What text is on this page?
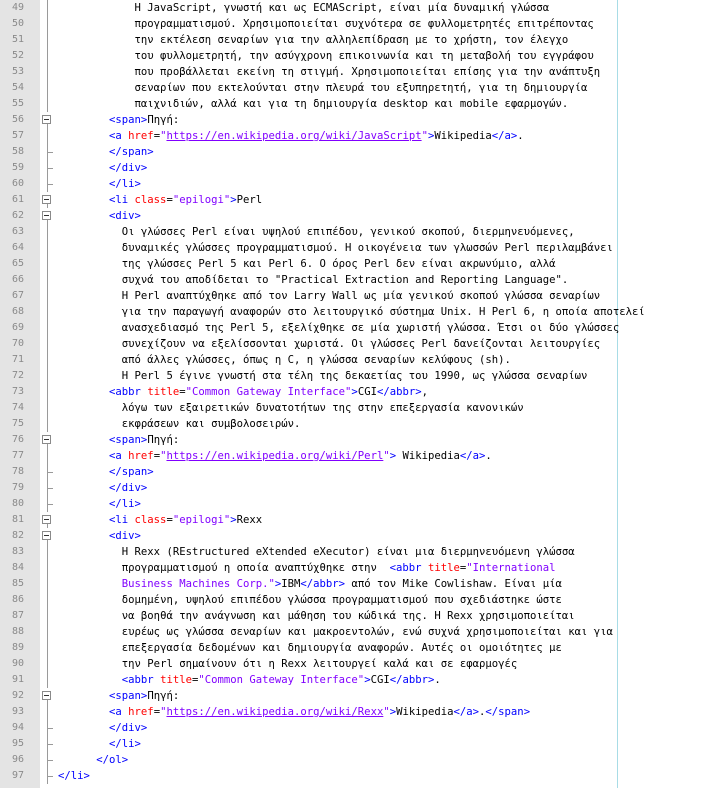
49	Η JavaScript, γνωστή και ως ECMAScript, είναι μία δυναμική γλώσσα
50	προγραμματισμού. Χρησιμοποιείται συχνότερα σε φυλλομετρητές επιτρέποντας
51	την εκτέλεση σεναρίων για την αλληλεπίδραση με το χρήστη, τον έλεγχο
52	του φυλλομετρητή, την ασύγχρονη επικοινωνία και τη μεταβολή του εγγράφου
53	που προβάλλεται εκείνη τη στιγμή. Χρησιμοποιείται επίσης για την ανάπτυξη
54	σεναρίων που εκτελούνται στην πλευρά του εξυπηρετητή, για τη δημιουργία
55	παιχνιδιών, αλλά και για τη δημιουργία desktop και mobile εφαρμογών.
56	<span>Πηγή:
57	<a href="https://en.wikipedia.org/wiki/JavaScript">Wikipedia</a>.
58	</span>
59	</div>
60	</li>
61	<li class="epilogi">Perl
62	<div>
63	Οι γλώσσες Perl είναι υψηλού επιπέδου, γενικού σκοπού, διερμηνευόμενες,
64	δυναμικές γλώσσες προγραμματισμού. Η οικογένεια των γλωσσών Perl περιλαμβάνει
65	της γλώσσες Perl 5 και Perl 6. Ο όρος Perl δεν είναι ακρωνύμιο, αλλά
66	συχνά του αποδίδεται το "Practical Extraction and Reporting Language".
67	Η Perl αναπτύχθηκε από τον Larry Wall ως μία γενικού σκοπού γλώσσα σεναρίων
68	για την παραγωγή αναφορών στο λειτουργικό σύστημα Unix. Η Perl 6, η οποία αποτελεί
69	ανασχεδιασμό της Perl 5, εξελίχθηκε σε μία χωριστή γλώσσα. Έτσι οι δύο γλώσσες
70	συνεχίζουν να εξελίσσονται χωριστά. Οι γλώσσες Perl δανείζονται λειτουργίες
71	από άλλες γλώσσες, όπως η C, η γλώσσα σεναρίων κελύφους (sh).
72	Η Perl 5 έγινε γνωστή στα τέλη της δεκαετίας του 1990, ως γλώσσα σεναρίων
73	<abbr title="Common Gateway Interface">CGI</abbr>,
74	λόγω των εξαιρετικών δυνατοτήτων της στην επεξεργασία κανονικών
75	εκφράσεων και συμβολοσειρών.
76	<span>Πηγή:
77	<a href="https://en.wikipedia.org/wiki/Perl"> Wikipedia</a>.
78	</span>
79	</div>
80	</li>
81	<li class="epilogi">Rexx
82	<div>
83	Η Rexx (REstructured eXtended eXecutor) είναι μια διερμηνευόμενη γλώσσα
84	προγραμματισμού η οποία αναπτύχθηκε στην  <abbr title="International
85	Business Machines Corp.">IBM</abbr> από τον Mike Cowlishaw. Είναι μία
86	δομημένη, υψηλού επιπέδου γλώσσα προγραμματισμού που σχεδιάστηκε ώστε
87	να βοηθά την ανάγνωση και μάθηση του κώδικά της. Η Rexx χρησιμοποιείται
88	ευρέως ως γλώσσα σεναρίων και μακροεντολών, ενώ συχνά χρησιμοποιείται και για
89	επεξεργασία δεδομένων και δημιουργία αναφορών. Αυτές οι ομοιότητες με
90	την Perl σημαίνουν ότι η Rexx λειτουργεί καλά και σε εφαρμογές
91	<abbr title="Common Gateway Interface">CGI</abbr>.
92	<span>Πηγή:
93	<a href="https://en.wikipedia.org/wiki/Rexx">Wikipedia</a>.</span>
94	</div>
95	</li>
96	</ol>
97	</li>
